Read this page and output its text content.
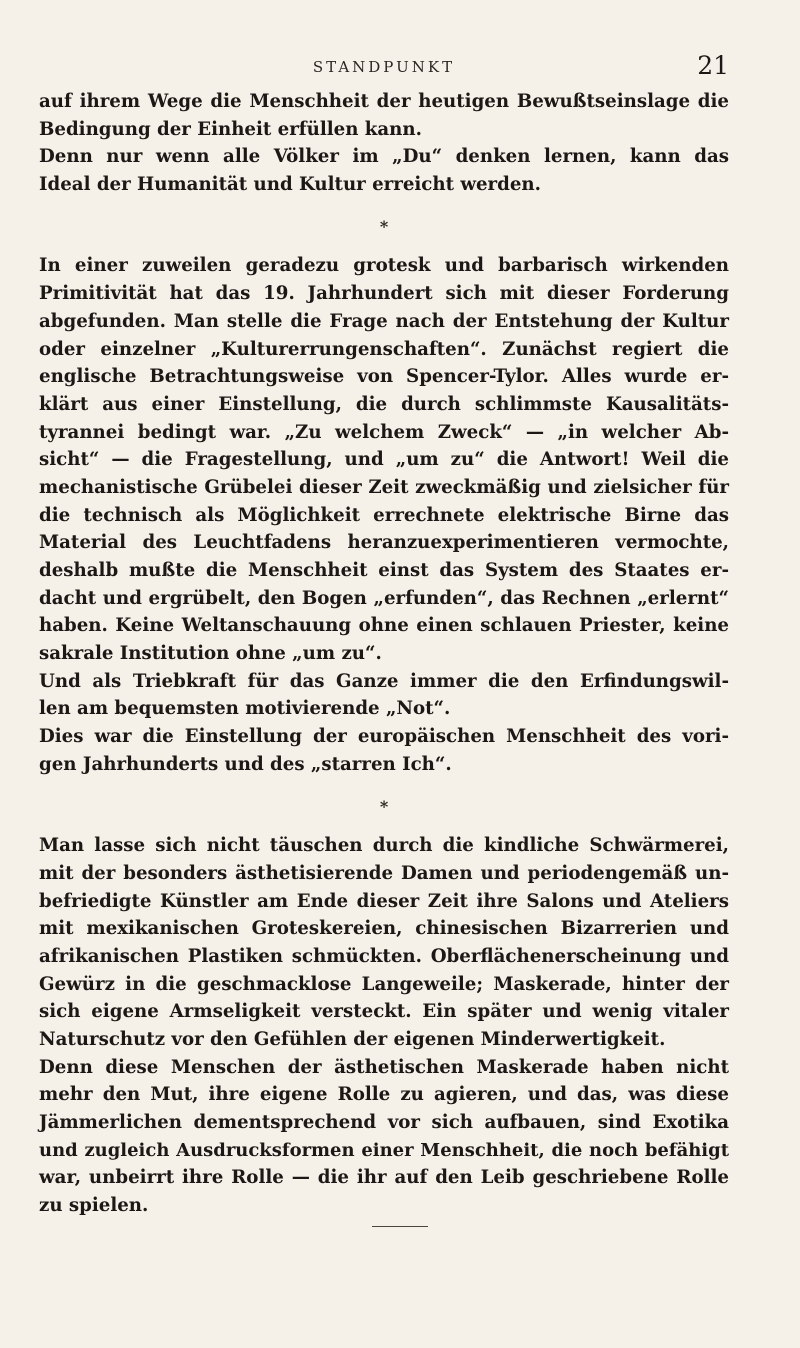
STANDPUNKT	21
auf ihrem Wege die Menschheit der heutigen Bewußtseinslage die
Bedingung der Einheit erfüllen kann.
Denn nur wenn alle Völker im „Du“ denken lernen, kann das
Ideal der Humanität und Kultur erreicht werden.
*
In einer zuweilen geradezu grotesk und barbarisch wirkenden
Primitivität hat das 19. Jahrhundert sich mit dieser Forderung
abgefunden. Man stelle die Frage nach der Entstehung der Kultur
oder einzelner „Kulturerrungenschaften“. Zunächst regiert die
englische Betrachtungsweise von Spencer-Tylor. Alles wurde er-
klärt aus einer Einstellung, die durch schlimmste Kausalitäts-
tyrannei bedingt war. „Zu welchem Zweck“ — „in welcher Ab-
sicht“ — die Fragestellung, und „um zu“ die Antwort! Weil die
mechanistische Grübelei dieser Zeit zweckmäßig und zielsicher für
die technisch als Möglichkeit errechnete elektrische Birne das
Material des Leuchtfadens heranzuexperimentieren vermochte,
deshalb mußte die Menschheit einst das System des Staates er-
dacht und ergrübelt, den Bogen „erfunden“, das Rechnen „erlernt“
haben. Keine Weltanschauung ohne einen schlauen Priester, keine
sakrale Institution ohne „um zu“.
Und als Triebkraft für das Ganze immer die den Erfindungswil-
len am bequemsten motivierende „Not“.
Dies war die Einstellung der europäischen Menschheit des vori-
gen Jahrhunderts und des „starren Ich“.
*
Man lasse sich nicht täuschen durch die kindliche Schwärmerei,
mit der besonders ästhetisierende Damen und periodengemäß un-
befriedigte Künstler am Ende dieser Zeit ihre Salons und Ateliers
mit mexikanischen Groteskereien, chinesischen Bizarrerien und
afrikanischen Plastiken schmückten. Oberflächenerscheinung und
Gewürz in die geschmacklose Langeweile; Maskerade, hinter der
sich eigene Armseligkeit versteckt. Ein später und wenig vitaler
Naturschutz vor den Gefühlen der eigenen Minderwertigkeit.
Denn diese Menschen der ästhetischen Maskerade haben nicht
mehr den Mut, ihre eigene Rolle zu agieren, und das, was diese
Jämmerlichen dementsprechend vor sich aufbauen, sind Exotika
und zugleich Ausdrucksformen einer Menschheit, die noch befähigt
war, unbeirrt ihre Rolle — die ihr auf den Leib geschriebene Rolle
zu spielen.
